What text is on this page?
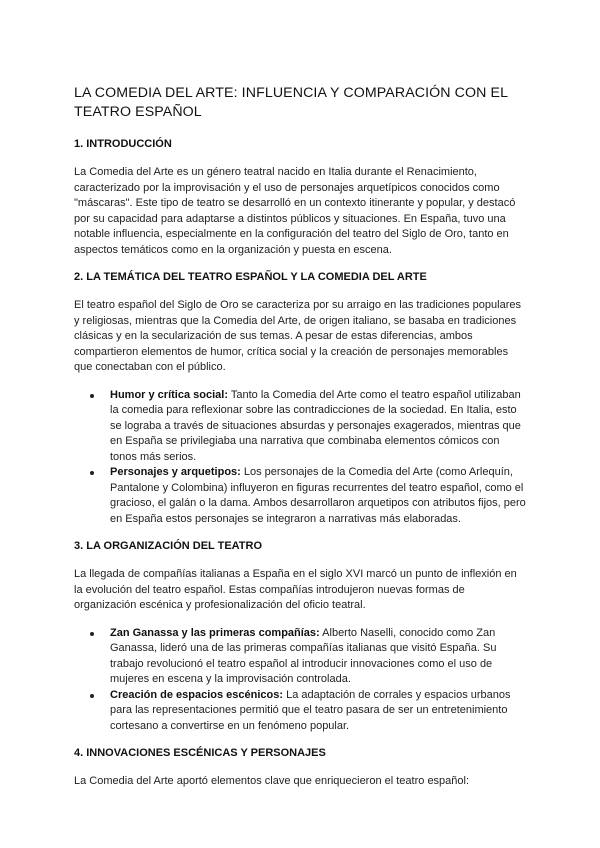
LA COMEDIA DEL ARTE: INFLUENCIA Y COMPARACIÓN CON EL TEATRO ESPAÑOL
1. INTRODUCCIÓN

La Comedia del Arte es un género teatral nacido en Italia durante el Renacimiento, caracterizado por la improvisación y el uso de personajes arquetípicos conocidos como "máscaras". Este tipo de teatro se desarrolló en un contexto itinerante y popular, y destacó por su capacidad para adaptarse a distintos públicos y situaciones. En España, tuvo una notable influencia, especialmente en la configuración del teatro del Siglo de Oro, tanto en aspectos temáticos como en la organización y puesta en escena.

2. LA TEMÁTICA DEL TEATRO ESPAÑOL Y LA COMEDIA DEL ARTE

El teatro español del Siglo de Oro se caracteriza por su arraigo en las tradiciones populares y religiosas, mientras que la Comedia del Arte, de origen italiano, se basaba en tradiciones clásicas y en la secularización de sus temas. A pesar de estas diferencias, ambos compartieron elementos de humor, crítica social y la creación de personajes memorables que conectaban con el público.

Humor y crítica social: Tanto la Comedia del Arte como el teatro español utilizaban la comedia para reflexionar sobre las contradicciones de la sociedad. En Italia, esto se lograba a través de situaciones absurdas y personajes exagerados, mientras que en España se privilegiaba una narrativa que combinaba elementos cómicos con tonos más serios.
Personajes y arquetipos: Los personajes de la Comedia del Arte (como Arlequín, Pantalone y Colombina) influyeron en figuras recurrentes del teatro español, como el gracioso, el galán o la dama. Ambos desarrollaron arquetipos con atributos fijos, pero en España estos personajes se integraron a narrativas más elaboradas.
3. LA ORGANIZACIÓN DEL TEATRO

La llegada de compañías italianas a España en el siglo XVI marcó un punto de inflexión en la evolución del teatro español. Estas compañías introdujeron nuevas formas de organización escénica y profesionalización del oficio teatral.

Zan Ganassa y las primeras compañías: Alberto Naselli, conocido como Zan Ganassa, lideró una de las primeras compañías italianas que visitó España. Su trabajo revolucionó el teatro español al introducir innovaciones como el uso de mujeres en escena y la improvisación controlada.
Creación de espacios escénicos: La adaptación de corrales y espacios urbanos para las representaciones permitió que el teatro pasara de ser un entretenimiento cortesano a convertirse en un fenómeno popular.
4. INNOVACIONES ESCÉNICAS Y PERSONAJES

La Comedia del Arte aportó elementos clave que enriquecieron el teatro español:
